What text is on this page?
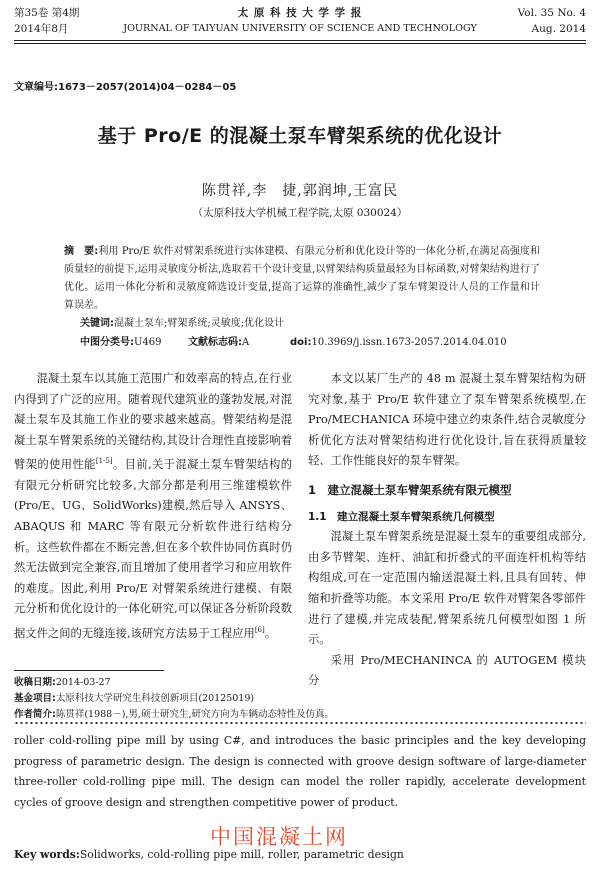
第35卷 第4期
2014年8月
太 原 科 技 大 学 学 报
JOURNAL OF TAIYUAN UNIVERSITY OF SCIENCE AND TECHNOLOGY
Vol. 35 No. 4
Aug. 2014
文章编号:1673－2057(2014)04－0284－05
基于 Pro/E 的混凝土泵车臂架系统的优化设计
陈贯祥,李　捷,郭润坤,王富民
（太原科技大学机械工程学院,太原 030024）
摘　要:利用 Pro/E 软件对臂架系统进行实体建模、有限元分析和优化设计等的一体化分析,在满足高强度和质量轻的前提下,运用灵敏度分析法,选取若干个设计变量,以臂架结构质量最轻为目标函数,对臂架结构进行了优化。运用一体化分析和灵敏度筛选设计变量,提高了运算的准确性,减少了泵车臂架设计人员的工作量和计算误差。
关键词:混凝土泵车;臂架系统;灵敏度;优化设计
中图分类号:U469	文献标志码:A	doi:10.3969/j.issn.1673-2057.2014.04.010

混凝土泵车以其施工范围广和效率高的特点,在行业内得到了广泛的应用。随着现代建筑业的蓬勃发展,对混凝土泵车及其施工作业的要求越来越高。臂架结构是混凝土泵车臂架系统的关键结构,其设计合理性直接影响着臂架的使用性能[1-5]。目前,关于混凝土泵车臂架结构的有限元分析研究比较多,大部分都是利用三维建模软件(Pro/E、UG、SolidWorks)建模,然后导入 ANSYS、ABAQUS 和 MARC 等有限元分析软件进行结构分析。这些软件都在不断完善,但在多个软件协同仿真时仍然无法做到完全兼容,而且增加了使用者学习和应用软件的难度。因此,利用 Pro/E 对臂架系统进行建模、有限元分析和优化设计的一体化研究,可以保证各分析阶段数据文件之间的无缝连接,该研究方法易于工程应用[6]。

本文以某厂生产的 48 m 混凝土泵车臂架结构为研究对象,基于 Pro/E 软件建立了泵车臂架系统模型,在 Pro/MECHANICA 环境中建立约束条件,结合灵敏度分析优化方法对臂架结构进行优化设计,旨在获得质量较轻、工作性能良好的泵车臂架。

1　建立混凝土泵车臂架系统有限元模型
1.1　建立混凝土泵车臂架系统几何模型

混凝土泵车臂架系统是混凝土泵车的重要组成部分,由多节臂架、连杆、油缸和折叠式的平面连杆机构等结构组成,可在一定范围内输送混凝土料,且具有回转、伸缩和折叠等功能。本文采用 Pro/E 软件对臂架各零部件进行了建模,并完成装配,臂架系统几何模型如图 1 所示。

采用 Pro/MECHANINCA 的 AUTOGEM 模块分

收稿日期:2014-03-27
基金项目:太原科技大学研究生科技创新项目(20125019)
作者简介:陈贯祥(1988－),男,硕士研究生,研究方向为车辆动态特性及仿真。
roller cold-rolling pipe mill by using C#, and introduces the basic principles and the key developing progress of parametric design. The design is connected with groove design software of large-diameter three-roller cold-rolling pipe mill. The design can model the roller rapidly, accelerate development cycles of groove design and strengthen competitive power of product.
中国混凝土网
Key words:Solidworks, cold-rolling pipe mill, roller, parametric design
